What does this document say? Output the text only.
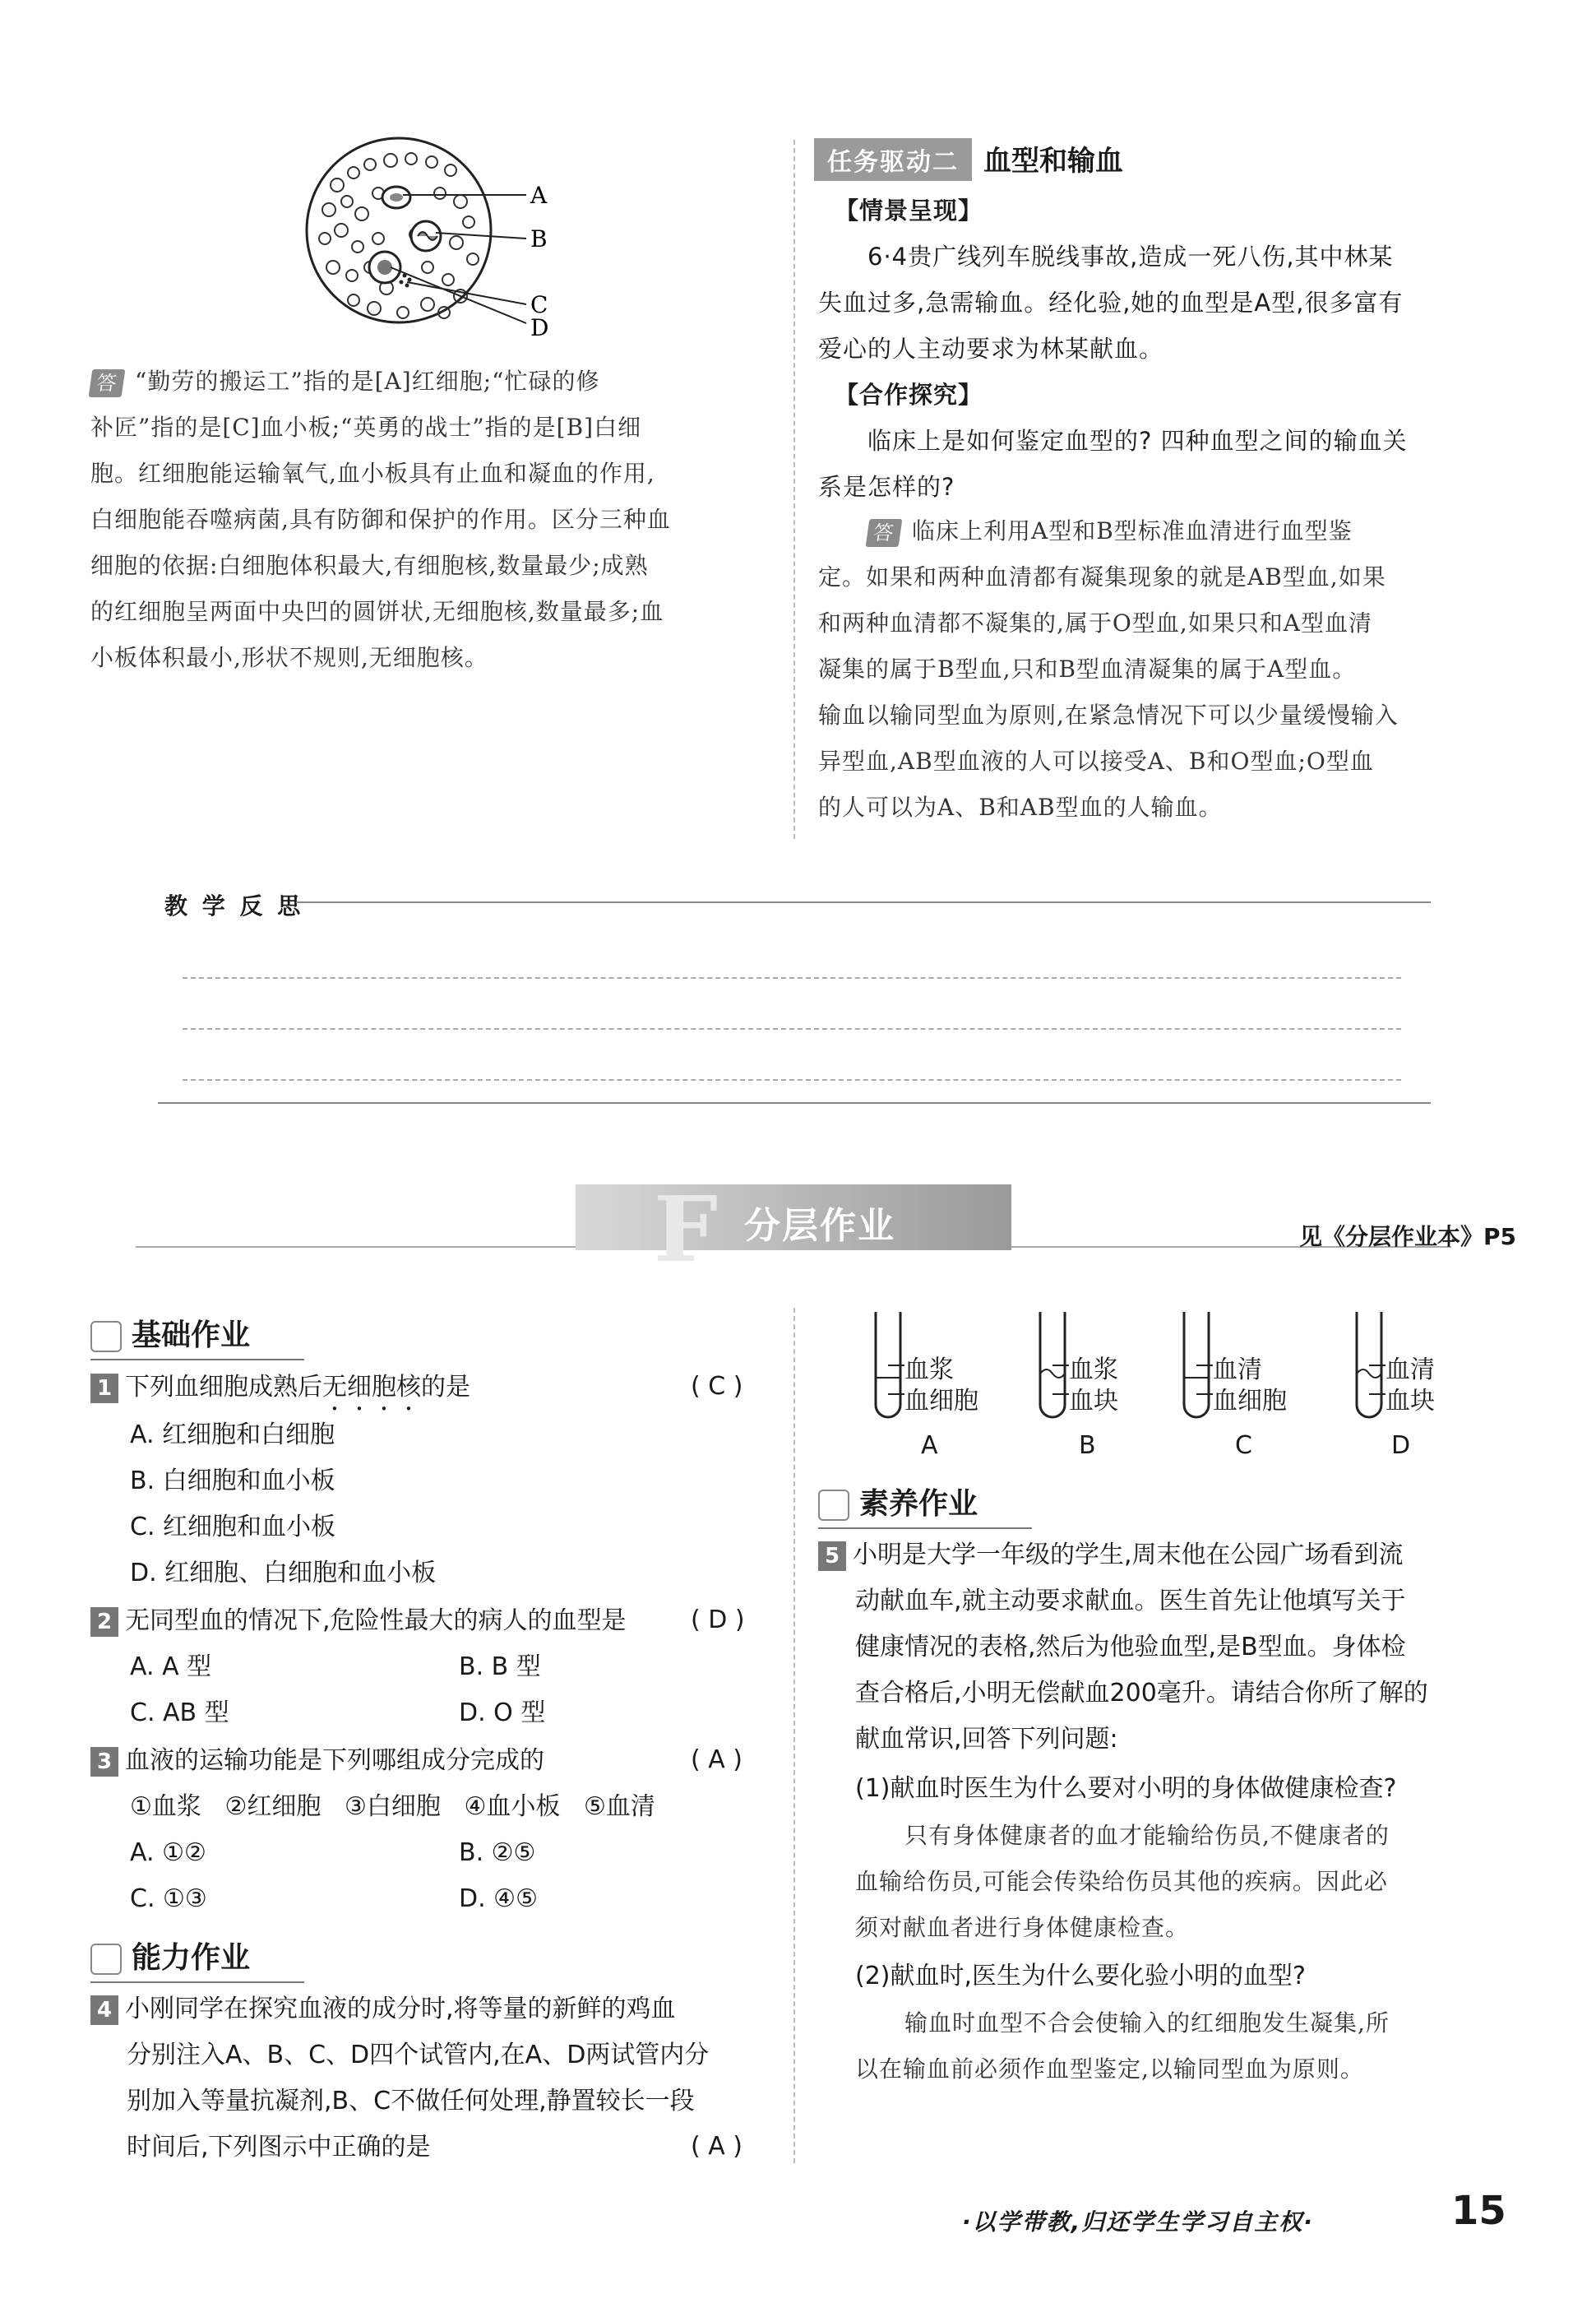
A
B
C
D
答 “勤劳的搬运工”指的是[A]红细胞;“忙碌的修
补匠”指的是[C]血小板;“英勇的战士”指的是[B]白细
胞。红细胞能运输氧气,血小板具有止血和凝血的作用,
白细胞能吞噬病菌,具有防御和保护的作用。区分三种血
细胞的依据:白细胞体积最大,有细胞核,数量最少;成熟
的红细胞呈两面中央凹的圆饼状,无细胞核,数量最多;血
小板体积最小,形状不规则,无细胞核。
任务驱动二 血型和输血
【情景呈现】
6·4贵广线列车脱线事故,造成一死八伤,其中林某
失血过多,急需输血。经化验,她的血型是A型,很多富有
爱心的人主动要求为林某献血。
【合作探究】
临床上是如何鉴定血型的? 四种血型之间的输血关
系是怎样的?
答 临床上利用A型和B型标准血清进行血型鉴
定。如果和两种血清都有凝集现象的就是AB型血,如果
和两种血清都不凝集的,属于O型血,如果只和A型血清
凝集的属于B型血,只和B型血清凝集的属于A型血。
输血以输同型血为原则,在紧急情况下可以少量缓慢输入
异型血,AB型血液的人可以接受A、B和O型血;O型血
的人可以为A、B和AB型血的人输血。
教 学 反 思
F 分层作业	见《分层作业本》P5
基础作业
1 下列血细胞成熟后无细胞核的是	( C )
A. 红细胞和白细胞
B. 白细胞和血小板
C. 红细胞和血小板
D. 红细胞、白细胞和血小板
2 无同型血的情况下,危险性最大的病人的血型是	( D )
A. A 型	B. B 型
C. AB 型	D. O 型
3 血液的运输功能是下列哪组成分完成的	( A )
①血浆   ②红细胞   ③白细胞   ④血小板   ⑤血清
A. ①②	B. ②⑤
C. ①③	D. ④⑤
能力作业
4 小刚同学在探究血液的成分时,将等量的新鲜的鸡血
分别注入A、B、C、D四个试管内,在A、D两试管内分
别加入等量抗凝剂,B、C不做任何处理,静置较长一段
时间后,下列图示中正确的是	( A )
血浆
血细胞
A
血浆
血块
B
血清
血细胞
C
血清
血块
D
素养作业
5 小明是大学一年级的学生,周末他在公园广场看到流
动献血车,就主动要求献血。医生首先让他填写关于
健康情况的表格,然后为他验血型,是B型血。身体检
查合格后,小明无偿献血200毫升。请结合你所了解的
献血常识,回答下列问题:
(1)献血时医生为什么要对小明的身体做健康检查?
只有身体健康者的血才能输给伤员,不健康者的
血输给伤员,可能会传染给伤员其他的疾病。因此必
须对献血者进行身体健康检查。
(2)献血时,医生为什么要化验小明的血型?
输血时血型不合会使输入的红细胞发生凝集,所
以在输血前必须作血型鉴定,以输同型血为原则。
·以学带教,归还学生学习自主权·	15
